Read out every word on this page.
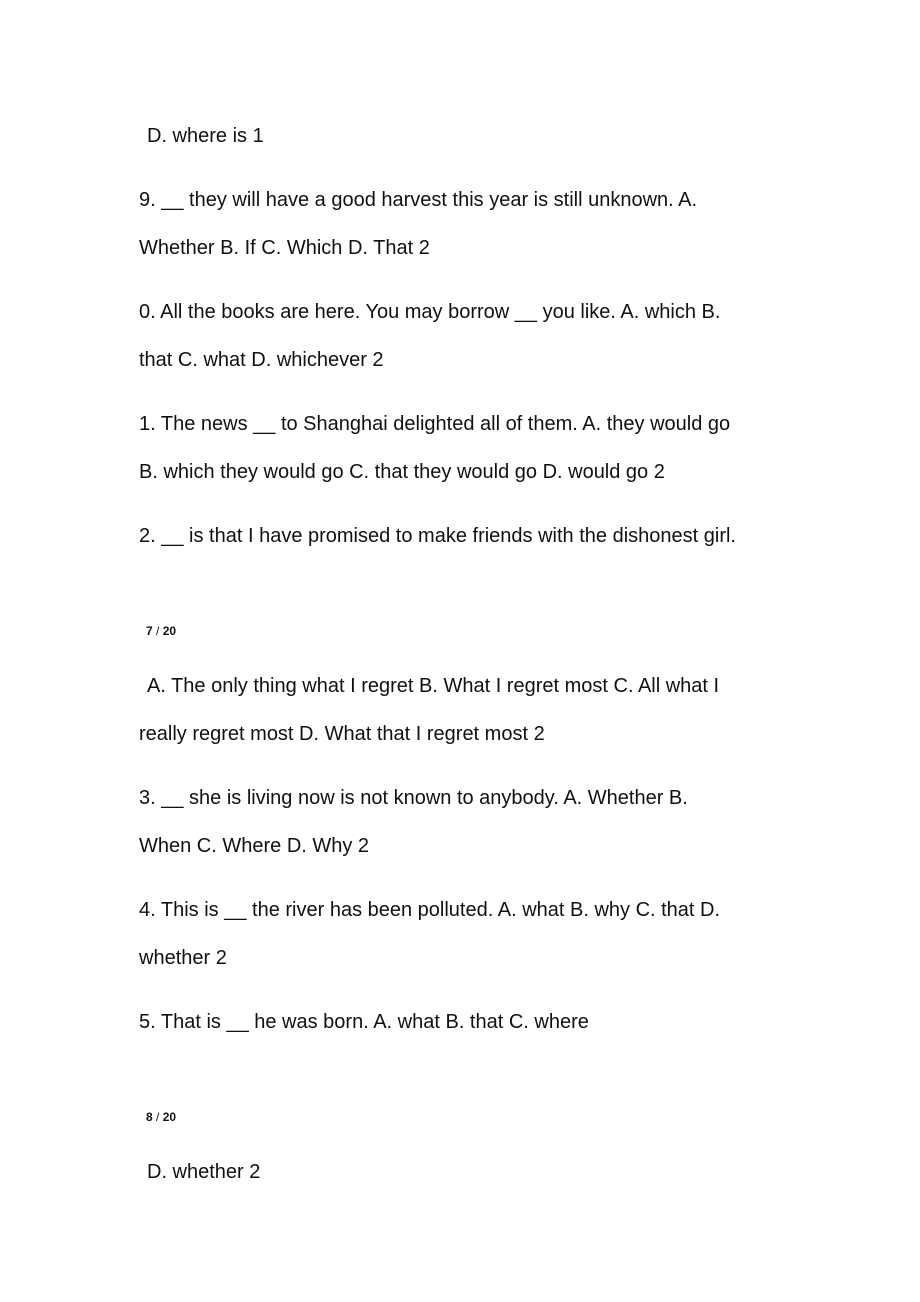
D. where is 1
9. __ they will have a good harvest this year is still unknown. A.
Whether B. If C. Which D. That 2
0. All the books are here. You may borrow __ you like. A. which B.
that C. what D. whichever 2
1. The news __ to Shanghai delighted all of them. A. they would go
B. which they would go C. that they would go D. would go 2
2. __ is that I have promised to make friends with the dishonest girl.
7 / 20
A. The only thing what I regret B. What I regret most C. All what I
really regret most D. What that I regret most 2
3. __ she is living now is not known to anybody. A. Whether B.
When C. Where D. Why 2
4. This is __ the river has been polluted. A. what B. why C. that D.
whether 2
5. That is __ he was born. A. what B. that C. where
8 / 20
D. whether 2
